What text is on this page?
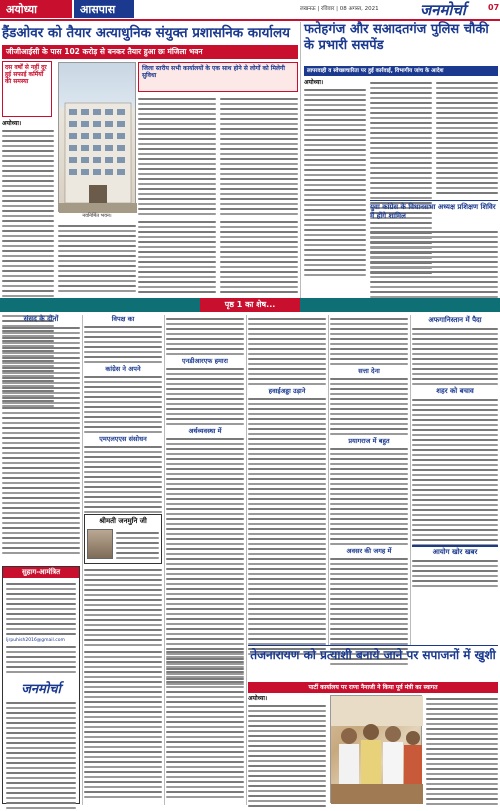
अयोध्या	आसपास	लखनऊ | रविवार | 08 अगस्त, 2021	जनमोर्चा	07
हैंडओवर को तैयार अत्याधुनिक संयुक्त प्रशासनिक कार्यालय
जीजीआईसी के पास 102 करोड़ से बनकर तैयार हुआ छः मंजिला भवन
दस वर्षों से नहीं दूर हुई सफाई कर्मियों की समस्या
अयोध्या।
जिला स्तरीय सभी कार्यालयों के एक साथ होने से लोगों को मिलेगी सुविधा
नवनिर्मित भवन।
फतेहगंज और सआदतगंज पुलिस चौकी के प्रभारी ससपेंड
लापरवाही व स्वेच्छाचारिता पर हुई कार्रवाई, विभागीय जांच के आदेश
अयोध्या।
युवा कांग्रेस के विधानसभा अध्यक्ष प्रशिक्षण शिविर में होंगे शामिल
पृष्ठ 1 का शेष...
संसद के दोनों	विपक्ष का
कांग्रेस ने अपने
एमएलएएस संसोधन
एनडीआरएफ हमारा
अर्थव्यवस्था में
हवाईअड्डा उड़ाने
सत्ता देना
प्रयागराज में बहुत
अवसर की जगह में
शहर को बचाव
आयोग खोर खबर
अफगानिस्तान में पैदा
श्रीमती जनमुनि जी
सुहाग-आमंत्रित
ljrpuhish2016@gmail.com
जनमोर्चा
तेजनारायण को प्रत्याशी बनाये जाने पर सपाजनों में खुशी
पार्टी कार्यालय पर राणा नैनाजी ने किया पूर्व मंत्री का स्वागत
अयोध्या।
